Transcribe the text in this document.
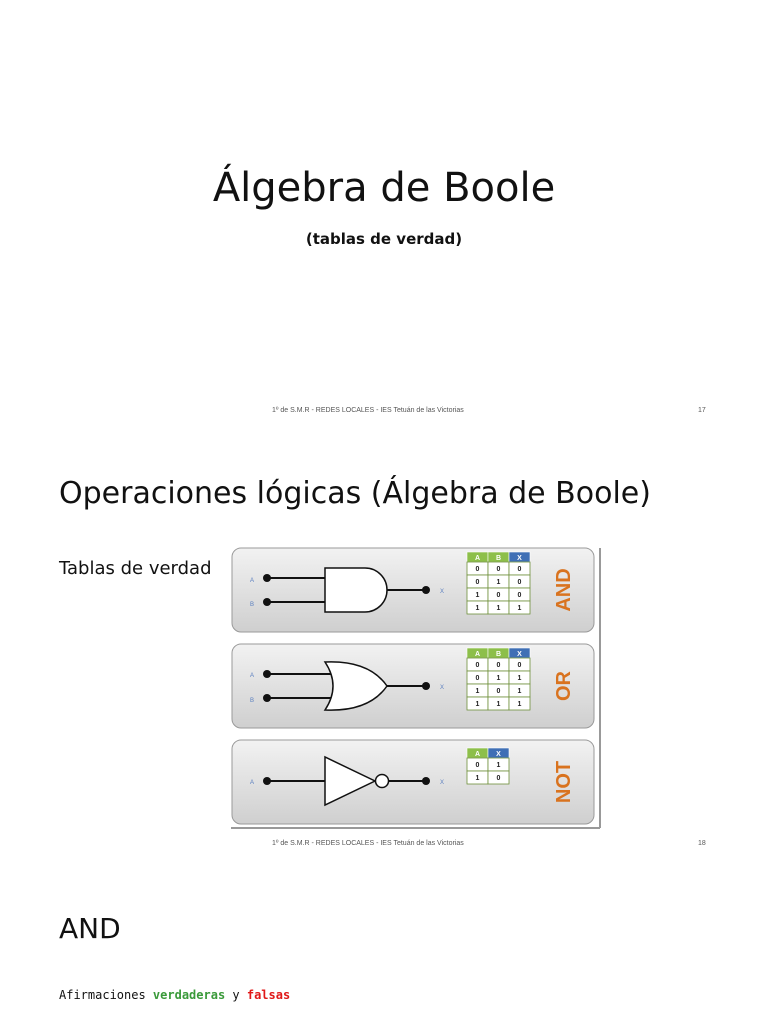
Álgebra de Boole
(tablas de verdad)
1º de S.M.R - REDES LOCALES - IES Tetuán de las Victorias	17
Operaciones lógicas (Álgebra de Boole)
Tablas de verdad
A
B
X
A B X
0 0 0
0 1 0
1 0 0
1 1 1 AND
A
B
X
A B X
0 0 0
0 1 1
1 0 1
1 1 1
OR
A	X
A X
0 1
1 0	NOT
1º de S.M.R - REDES LOCALES - IES Tetuán de las Victorias	18
AND
Afirmaciones verdaderas y falsas
